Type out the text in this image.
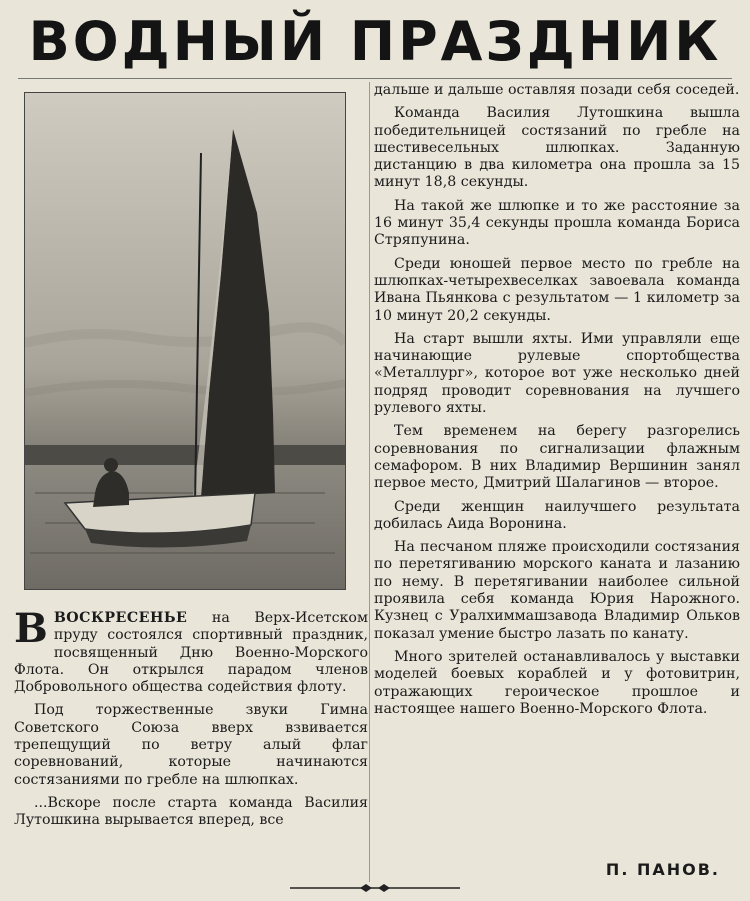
ВОДНЫЙ ПРАЗДНИК

ВВОСКРЕСЕНЬЕ на Верх-Исетском пруду состоялся спортивный праздник, посвященный Дню Военно-Морского Флота. Он открылся парадом членов Добровольного общества содействия флоту.

Под торжественные звуки Гимна Советского Союза вверх взвивается трепещущий по ветру алый флаг соревнований, которые начинаются состязаниями по гребле на шлюпках.

...Вскоре после старта команда Василия Лутошкина вырывается вперед, все

дальше и дальше оставляя позади себя соседей.

Команда Василия Лутошкина вышла победительницей состязаний по гребле на шестивесельных шлюпках. Заданную дистанцию в два километра она прошла за 15 минут 18,8 секунды.

На такой же шлюпке и то же расстояние за 16 минут 35,4 секунды прошла команда Бориса Стряпунина.

Среди юношей первое место по гребле на шлюпках-четырехвеселках завоевала команда Ивана Пьянкова с результатом — 1 километр за 10 минут 20,2 секунды.

На старт вышли яхты. Ими управляли еще начинающие рулевые спортобщества «Металлург», которое вот уже несколько дней подряд проводит соревнования на лучшего рулевого яхты.

Тем временем на берегу разгорелись соревнования по сигнализации флажным семафором. В них Владимир Вершинин занял первое место, Дмитрий Шалагинов — второе.

Среди женщин наилучшего результата добилась Аида Воронина.

На песчаном пляже происходили состязания по перетягиванию морского каната и лазанию по нему. В перетягивании наиболее сильной проявила себя команда Юрия Нарожного. Кузнец с Уралхиммашзавода Владимир Ольков показал умение быстро лазать по канату.

Много зрителей останавливалось у выставки моделей боевых кораблей и у фотовитрин, отражающих героическое прошлое и настоящее нашего Военно-Морского Флота.

П. ПАНОВ.
